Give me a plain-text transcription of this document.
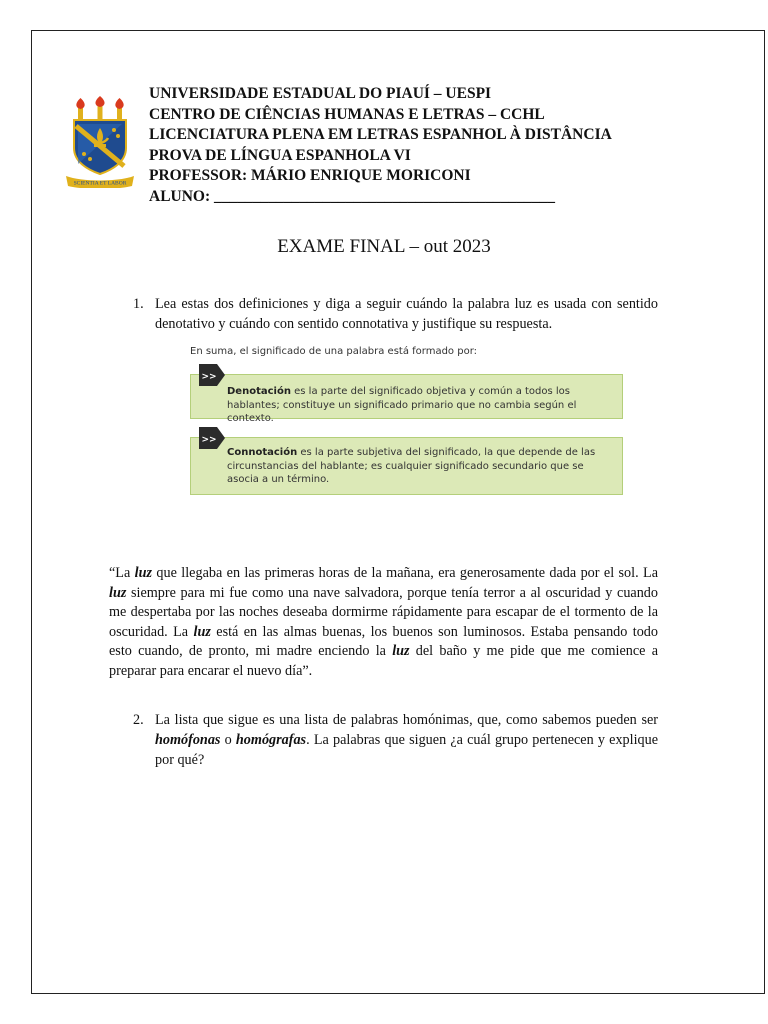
SCIENTIA ET LABOR
UNIVERSIDADE ESTADUAL DO PIAUÍ – UESPI
CENTRO DE CIÊNCIAS HUMANAS E LETRAS – CCHL
LICENCIATURA PLENA EM LETRAS ESPANHOL À DISTÂNCIA
PROVA DE LÍNGUA ESPANHOLA VI
PROFESSOR: MÁRIO ENRIQUE MORICONI
ALUNO: ____________________________________________
EXAME FINAL – out 2023
1. Lea estas dos definiciones y diga a seguir cuándo la palabra luz es usada con sentido denotativo y cuándo con sentido connotativa y justifique su respuesta.
En suma, el significado de una palabra está formado por:
>>
Denotación es la parte del significado objetiva y común a todos los hablantes; constituye un significado primario que no cambia según el contexto.
>>
Connotación es la parte subjetiva del significado, la que depende de las circunstancias del hablante; es cualquier significado secundario que se asocia a un término.
“La luz que llegaba en las primeras horas de la mañana, era generosamente dada por el sol. La luz siempre para mi fue como una nave salvadora, porque tenía terror a al oscuridad y cuando me despertaba por las noches deseaba dormirme rápidamente para escapar de el tormento de la oscuridad. La luz está en las almas buenas, los buenos son luminosos. Estaba pensando todo esto cuando, de pronto, mi madre enciendo la luz del baño y me pide que me comience a preparar para encarar el nuevo día”.
2. La lista que sigue es una lista de palabras homónimas, que, como sabemos pueden ser homófonas o homógrafas. La palabras que siguen ¿a cuál grupo pertenecen y explique por qué?
